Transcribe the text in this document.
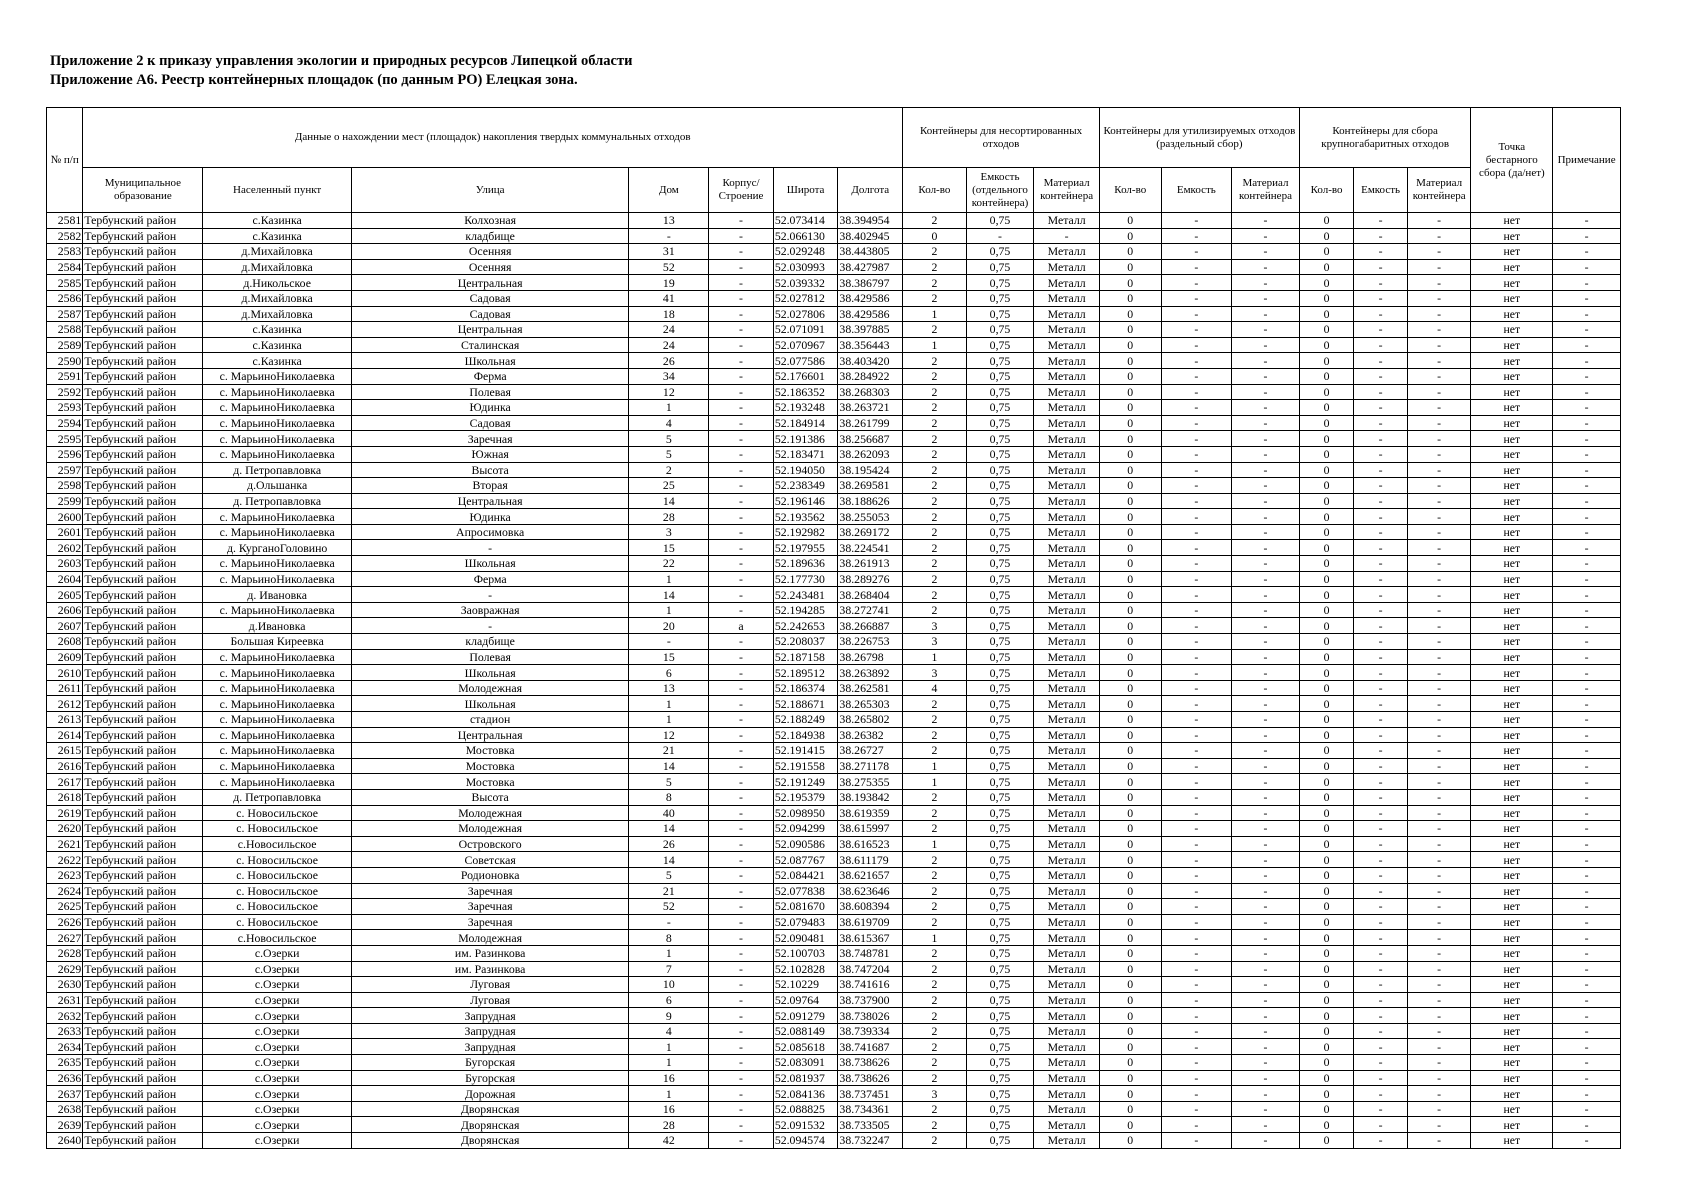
Приложение 2 к приказу управления экологии и природных ресурсов Липецкой области
Приложение А6. Реестр контейнерных площадок (по данным РО) Елецкая зона.
№ п/п	Данные о нахождении мест (площадок) накопления твердых коммунальных отходов							Контейнеры для несортированных отходов			Контейнеры для утилизируемых отходов (раздельный сбор)			Контейнеры для сбора крупногабаритных отходов			Точка бестарного сбора (да/нет)	Примечание
	Муниципальное образование	Населенный пункт	Улица	Дом	Корпус/ Строение	Широта	Долгота	Кол-во	Емкость (отдельного контейнера)	Материал контейнера	Кол-во	Емкость	Материал контейнера	Кол-во	Емкость	Материал контейнера		
2581	Тербунский район	с.Казинка	Колхозная	13	-	52.073414	38.394954	2	0,75	Металл	0	-	-	0	-	-	нет	-
2582	Тербунский район	с.Казинка	кладбище	-	-	52.066130	38.402945	0	-	-	0	-	-	0	-	-	нет	-
2583	Тербунский район	д.Михайловка	Осенняя	31	-	52.029248	38.443805	2	0,75	Металл	0	-	-	0	-	-	нет	-
2584	Тербунский район	д.Михайловка	Осенняя	52	-	52.030993	38.427987	2	0,75	Металл	0	-	-	0	-	-	нет	-
2585	Тербунский район	д.Никольское	Центральная	19	-	52.039332	38.386797	2	0,75	Металл	0	-	-	0	-	-	нет	-
2586	Тербунский район	д.Михайловка	Садовая	41	-	52.027812	38.429586	2	0,75	Металл	0	-	-	0	-	-	нет	-
2587	Тербунский район	д.Михайловка	Садовая	18	-	52.027806	38.429586	1	0,75	Металл	0	-	-	0	-	-	нет	-
2588	Тербунский район	с.Казинка	Центральная	24	-	52.071091	38.397885	2	0,75	Металл	0	-	-	0	-	-	нет	-
2589	Тербунский район	с.Казинка	Сталинская	24	-	52.070967	38.356443	1	0,75	Металл	0	-	-	0	-	-	нет	-
2590	Тербунский район	с.Казинка	Школьная	26	-	52.077586	38.403420	2	0,75	Металл	0	-	-	0	-	-	нет	-
2591	Тербунский район	с. МарьиноНиколаевка	Ферма	34	-	52.176601	38.284922	2	0,75	Металл	0	-	-	0	-	-	нет	-
2592	Тербунский район	с. МарьиноНиколаевка	Полевая	12	-	52.186352	38.268303	2	0,75	Металл	0	-	-	0	-	-	нет	-
2593	Тербунский район	с. МарьиноНиколаевка	Юдинка	1	-	52.193248	38.263721	2	0,75	Металл	0	-	-	0	-	-	нет	-
2594	Тербунский район	с. МарьиноНиколаевка	Садовая	4	-	52.184914	38.261799	2	0,75	Металл	0	-	-	0	-	-	нет	-
2595	Тербунский район	с. МарьиноНиколаевка	Заречная	5	-	52.191386	38.256687	2	0,75	Металл	0	-	-	0	-	-	нет	-
2596	Тербунский район	с. МарьиноНиколаевка	Южная	5	-	52.183471	38.262093	2	0,75	Металл	0	-	-	0	-	-	нет	-
2597	Тербунский район	д. Петропавловка	Высота	2	-	52.194050	38.195424	2	0,75	Металл	0	-	-	0	-	-	нет	-
2598	Тербунский район	д.Ольшанка	Вторая	25	-	52.238349	38.269581	2	0,75	Металл	0	-	-	0	-	-	нет	-
2599	Тербунский район	д. Петропавловка	Центральная	14	-	52.196146	38.188626	2	0,75	Металл	0	-	-	0	-	-	нет	-
2600	Тербунский район	с. МарьиноНиколаевка	Юдинка	28	-	52.193562	38.255053	2	0,75	Металл	0	-	-	0	-	-	нет	-
2601	Тербунский район	с. МарьиноНиколаевка	Апросимовка	3	-	52.192982	38.269172	2	0,75	Металл	0	-	-	0	-	-	нет	-
2602	Тербунский район	д. КурганоГоловино	-	15	-	52.197955	38.224541	2	0,75	Металл	0	-	-	0	-	-	нет	-
2603	Тербунский район	с. МарьиноНиколаевка	Школьная	22	-	52.189636	38.261913	2	0,75	Металл	0	-	-	0	-	-	нет	-
2604	Тербунский район	с. МарьиноНиколаевка	Ферма	1	-	52.177730	38.289276	2	0,75	Металл	0	-	-	0	-	-	нет	-
2605	Тербунский район	д. Ивановка	-	14	-	52.243481	38.268404	2	0,75	Металл	0	-	-	0	-	-	нет	-
2606	Тербунский район	с. МарьиноНиколаевка	Заовражная	1	-	52.194285	38.272741	2	0,75	Металл	0	-	-	0	-	-	нет	-
2607	Тербунский район	д.Ивановка	-	20	а	52.242653	38.266887	3	0,75	Металл	0	-	-	0	-	-	нет	-
2608	Тербунский район	Большая Киреевка	кладбище	-	-	52.208037	38.226753	3	0,75	Металл	0	-	-	0	-	-	нет	-
2609	Тербунский район	с. МарьиноНиколаевка	Полевая	15	-	52.187158	38.26798	1	0,75	Металл	0	-	-	0	-	-	нет	-
2610	Тербунский район	с. МарьиноНиколаевка	Школьная	6	-	52.189512	38.263892	3	0,75	Металл	0	-	-	0	-	-	нет	-
2611	Тербунский район	с. МарьиноНиколаевка	Молодежная	13	-	52.186374	38.262581	4	0,75	Металл	0	-	-	0	-	-	нет	-
2612	Тербунский район	с. МарьиноНиколаевка	Школьная	1	-	52.188671	38.265303	2	0,75	Металл	0	-	-	0	-	-	нет	-
2613	Тербунский район	с. МарьиноНиколаевка	стадион	1	-	52.188249	38.265802	2	0,75	Металл	0	-	-	0	-	-	нет	-
2614	Тербунский район	с. МарьиноНиколаевка	Центральная	12	-	52.184938	38.26382	2	0,75	Металл	0	-	-	0	-	-	нет	-
2615	Тербунский район	с. МарьиноНиколаевка	Мостовка	21	-	52.191415	38.26727	2	0,75	Металл	0	-	-	0	-	-	нет	-
2616	Тербунский район	с. МарьиноНиколаевка	Мостовка	14	-	52.191558	38.271178	1	0,75	Металл	0	-	-	0	-	-	нет	-
2617	Тербунский район	с. МарьиноНиколаевка	Мостовка	5	-	52.191249	38.275355	1	0,75	Металл	0	-	-	0	-	-	нет	-
2618	Тербунский район	д. Петропавловка	Высота	8	-	52.195379	38.193842	2	0,75	Металл	0	-	-	0	-	-	нет	-
2619	Тербунский район	с. Новосильское	Молодежная	40	-	52.098950	38.619359	2	0,75	Металл	0	-	-	0	-	-	нет	-
2620	Тербунский район	с. Новосильское	Молодежная	14	-	52.094299	38.615997	2	0,75	Металл	0	-	-	0	-	-	нет	-
2621	Тербунский район	с.Новосильское	Островского	26	-	52.090586	38.616523	1	0,75	Металл	0	-	-	0	-	-	нет	-
2622	Тербунский район	с. Новосильское	Советская	14	-	52.087767	38.611179	2	0,75	Металл	0	-	-	0	-	-	нет	-
2623	Тербунский район	с. Новосильское	Родионовка	5	-	52.084421	38.621657	2	0,75	Металл	0	-	-	0	-	-	нет	-
2624	Тербунский район	с. Новосильское	Заречная	21	-	52.077838	38.623646	2	0,75	Металл	0	-	-	0	-	-	нет	-
2625	Тербунский район	с. Новосильское	Заречная	52	-	52.081670	38.608394	2	0,75	Металл	0	-	-	0	-	-	нет	-
2626	Тербунский район	с. Новосильское	Заречная	-	-	52.079483	38.619709	2	0,75	Металл	0	-	-	0	-	-	нет	-
2627	Тербунский район	с.Новосильское	Молодежная	8	-	52.090481	38.615367	1	0,75	Металл	0	-	-	0	-	-	нет	-
2628	Тербунский район	с.Озерки	им. Разинкова	1	-	52.100703	38.748781	2	0,75	Металл	0	-	-	0	-	-	нет	-
2629	Тербунский район	с.Озерки	им. Разинкова	7	-	52.102828	38.747204	2	0,75	Металл	0	-	-	0	-	-	нет	-
2630	Тербунский район	с.Озерки	Луговая	10	-	52.10229	38.741616	2	0,75	Металл	0	-	-	0	-	-	нет	-
2631	Тербунский район	с.Озерки	Луговая	6	-	52.09764	38.737900	2	0,75	Металл	0	-	-	0	-	-	нет	-
2632	Тербунский район	с.Озерки	Запрудная	9	-	52.091279	38.738026	2	0,75	Металл	0	-	-	0	-	-	нет	-
2633	Тербунский район	с.Озерки	Запрудная	4	-	52.088149	38.739334	2	0,75	Металл	0	-	-	0	-	-	нет	-
2634	Тербунский район	с.Озерки	Запрудная	1	-	52.085618	38.741687	2	0,75	Металл	0	-	-	0	-	-	нет	-
2635	Тербунский район	с.Озерки	Бугорская	1	-	52.083091	38.738626	2	0,75	Металл	0	-	-	0	-	-	нет	-
2636	Тербунский район	с.Озерки	Бугорская	16	-	52.081937	38.738626	2	0,75	Металл	0	-	-	0	-	-	нет	-
2637	Тербунский район	с.Озерки	Дорожная	1	-	52.084136	38.737451	3	0,75	Металл	0	-	-	0	-	-	нет	-
2638	Тербунский район	с.Озерки	Дворянская	16	-	52.088825	38.734361	2	0,75	Металл	0	-	-	0	-	-	нет	-
2639	Тербунский район	с.Озерки	Дворянская	28	-	52.091532	38.733505	2	0,75	Металл	0	-	-	0	-	-	нет	-
2640	Тербунский район	с.Озерки	Дворянская	42	-	52.094574	38.732247	2	0,75	Металл	0	-	-	0	-	-	нет	-
